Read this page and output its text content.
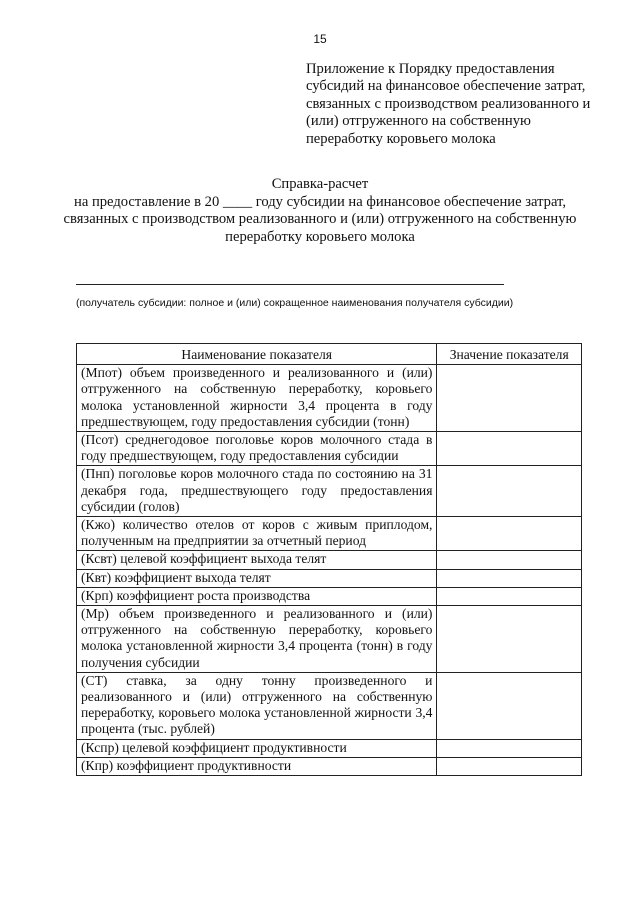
15
Приложение к Порядку предоставления
субсидий на финансовое обеспечение затрат,
связанных с производством реализованного и
(или) отгруженного на собственную
переработку коровьего молока
Справка-расчет
на предоставление в 20 ____ году субсидии на финансовое обеспечение затрат,
связанных с производством реализованного и (или) отгруженного на собственную
переработку коровьего молока
(получатель субсидии: полное и (или) сокращенное наименования получателя субсидии)
Наименование показателя	Значение показателя
(Мпот) объем произведенного и реализованного и (или) отгруженного на собственную переработку, коровьего молока установленной жирности 3,4 процента в году предшествующем, году предоставления субсидии (тонн)	
(Псот) среднегодовое поголовье коров молочного стада в году предшествующем, году предоставления субсидии	
(Пнп) поголовье коров молочного стада по состоянию на 31 декабря года, предшествующего году предоставления субсидии (голов)	
(Кжо) количество отелов от коров с живым приплодом, полученным на предприятии за отчетный период	
(Ксвт) целевой коэффициент выхода телят	
(Квт) коэффициент выхода телят	
(Крп) коэффициент роста производства	
(Мр) объем произведенного и реализованного и (или) отгруженного на собственную переработку, коровьего молока установленной жирности 3,4 процента (тонн) в году получения субсидии	
(СТ) ставка, за одну тонну произведенного и реализованного и (или) отгруженного на собственную переработку, коровьего молока установленной жирности 3,4 процента (тыс. рублей)	
(Кспр) целевой коэффициент продуктивности	
(Кпр) коэффициент продуктивности	
